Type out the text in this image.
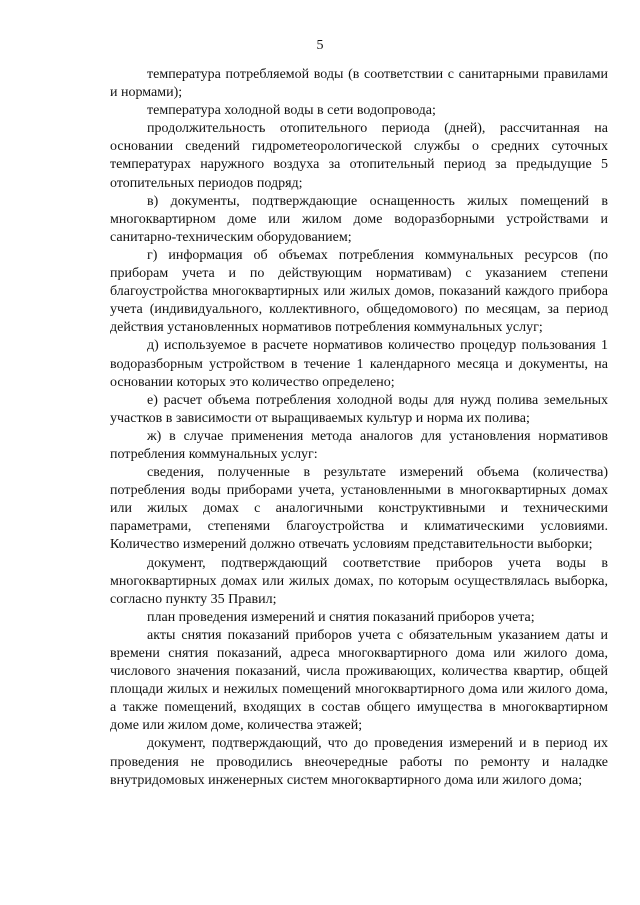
5

температура потребляемой воды (в соответствии с санитарными правилами и нормами);

температура холодной воды в сети водопровода;

продолжительность отопительного периода (дней), рассчитанная на основании сведений гидрометеорологической службы о средних суточных температурах наружного воздуха за отопительный период за предыдущие 5 отопительных периодов подряд;

в) документы, подтверждающие оснащенность жилых помещений в многоквартирном доме или жилом доме водоразборными устройствами и санитарно-техническим оборудованием;

г) информация об объемах потребления коммунальных ресурсов (по приборам учета и по действующим нормативам) с указанием степени благоустройства многоквартирных или жилых домов, показаний каждого прибора учета (индивидуального, коллективного, общедомового) по месяцам, за период действия установленных нормативов потребления коммунальных услуг;

д) используемое в расчете нормативов количество процедур пользования 1 водоразборным устройством в течение 1 календарного месяца и документы, на основании которых это количество определено;

е) расчет объема потребления холодной воды для нужд полива земельных участков в зависимости от выращиваемых культур и норма их полива;

ж) в случае применения метода аналогов для установления нормативов потребления коммунальных услуг:

сведения, полученные в результате измерений объема (количества) потребления воды приборами учета, установленными в многоквартирных домах или жилых домах с аналогичными конструктивными и техническими параметрами, степенями благоустройства и климатическими условиями. Количество измерений должно отвечать условиям представительности выборки;

документ, подтверждающий соответствие приборов учета воды в многоквартирных домах или жилых домах, по которым осуществлялась выборка, согласно пункту 35 Правил;

план проведения измерений и снятия показаний приборов учета;

акты снятия показаний приборов учета с обязательным указанием даты и времени снятия показаний, адреса многоквартирного дома или жилого дома, числового значения показаний, числа проживающих, количества квартир, общей площади жилых и нежилых помещений многоквартирного дома или жилого дома, а также помещений, входящих в состав общего имущества в многоквартирном доме или жилом доме, количества этажей;

документ, подтверждающий, что до проведения измерений и в период их проведения не проводились внеочередные работы по ремонту и наладке внутридомовых инженерных систем многоквартирного дома или жилого дома;
